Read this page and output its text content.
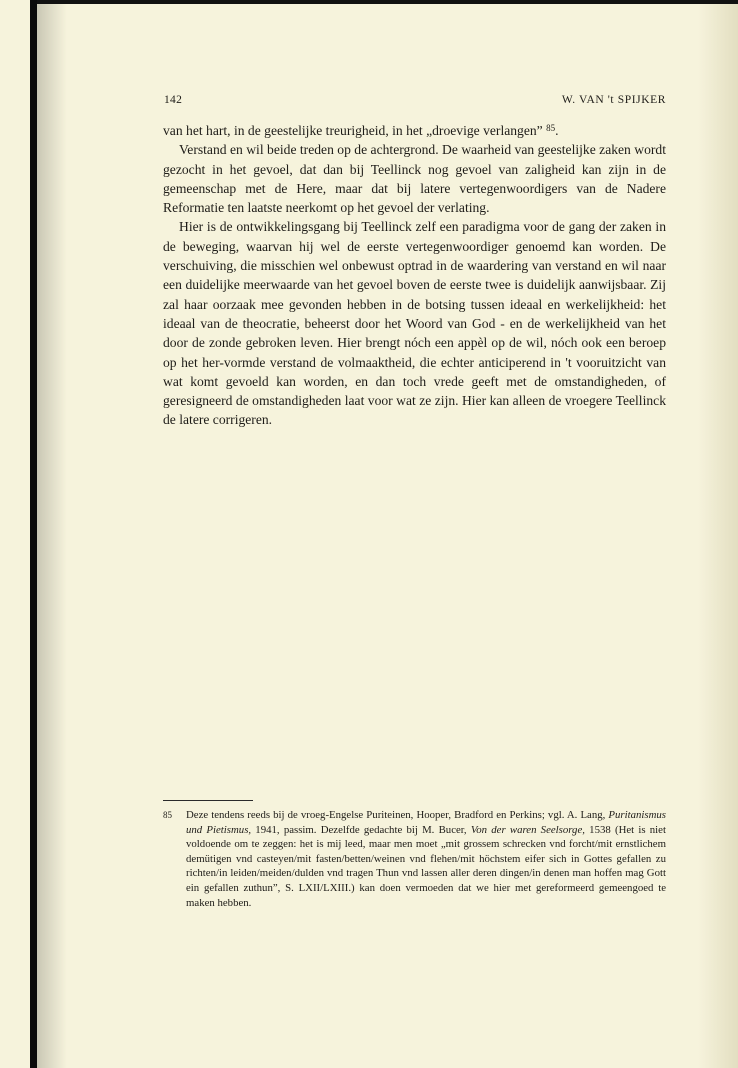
142	W. VAN 't SPIJKER

van het hart, in de geestelijke treurigheid, in het „droevige verlangen” $^{85}$.

Verstand en wil beide treden op de achtergrond. De waarheid van geestelijke zaken wordt gezocht in het gevoel, dat dan bij Teellinck nog gevoel van zaligheid kan zijn in de gemeenschap met de Here, maar dat bij latere vertegenwoordigers van de Nadere Reformatie ten laatste neerkomt op het gevoel der verlating.

Hier is de ontwikkelingsgang bij Teellinck zelf een paradigma voor de gang der zaken in de beweging, waarvan hij wel de eerste vertegenwoordiger genoemd kan worden. De verschuiving, die misschien wel onbewust optrad in de waardering van verstand en wil naar een duidelijke meerwaarde van het gevoel boven de eerste twee is duidelijk aanwijsbaar. Zij zal haar oorzaak mee gevonden hebben in de botsing tussen ideaal en werkelijkheid: het ideaal van de theocratie, beheerst door het Woord van God - en de werkelijkheid van het door de zonde gebroken leven. Hier brengt nóch een appèl op de wil, nóch ook een beroep op het her-vormde verstand de volmaaktheid, die echter anticiperend in 't vooruitzicht van wat komt gevoeld kan worden, en dan toch vrede geeft met de omstandigheden, of geresigneerd de omstandigheden laat voor wat ze zijn. Hier kan alleen de vroegere Teellinck de latere corrigeren.

85 Deze tendens reeds bij de vroeg-Engelse Puriteinen, Hooper, Bradford en Perkins; vgl. A. Lang, Puritanismus und Pietismus, 1941, passim. Dezelfde gedachte bij M. Bucer, Von der waren Seelsorge, 1538 (Het is niet voldoende om te zeggen: het is mij leed, maar men moet „mit grossem schrecken vnd forcht/mit ernstlichem demütigen vnd casteyen/mit fasten/betten/weinen vnd flehen/mit höchstem eifer sich in Gottes gefallen zu richten/in leiden/meiden/dulden vnd tragen Thun vnd lassen aller deren dingen/in denen man hoffen mag Gott ein gefallen zuthun”, S. LXII/LXIII.) kan doen vermoeden dat we hier met gereformeerd gemeengoed te maken hebben.
